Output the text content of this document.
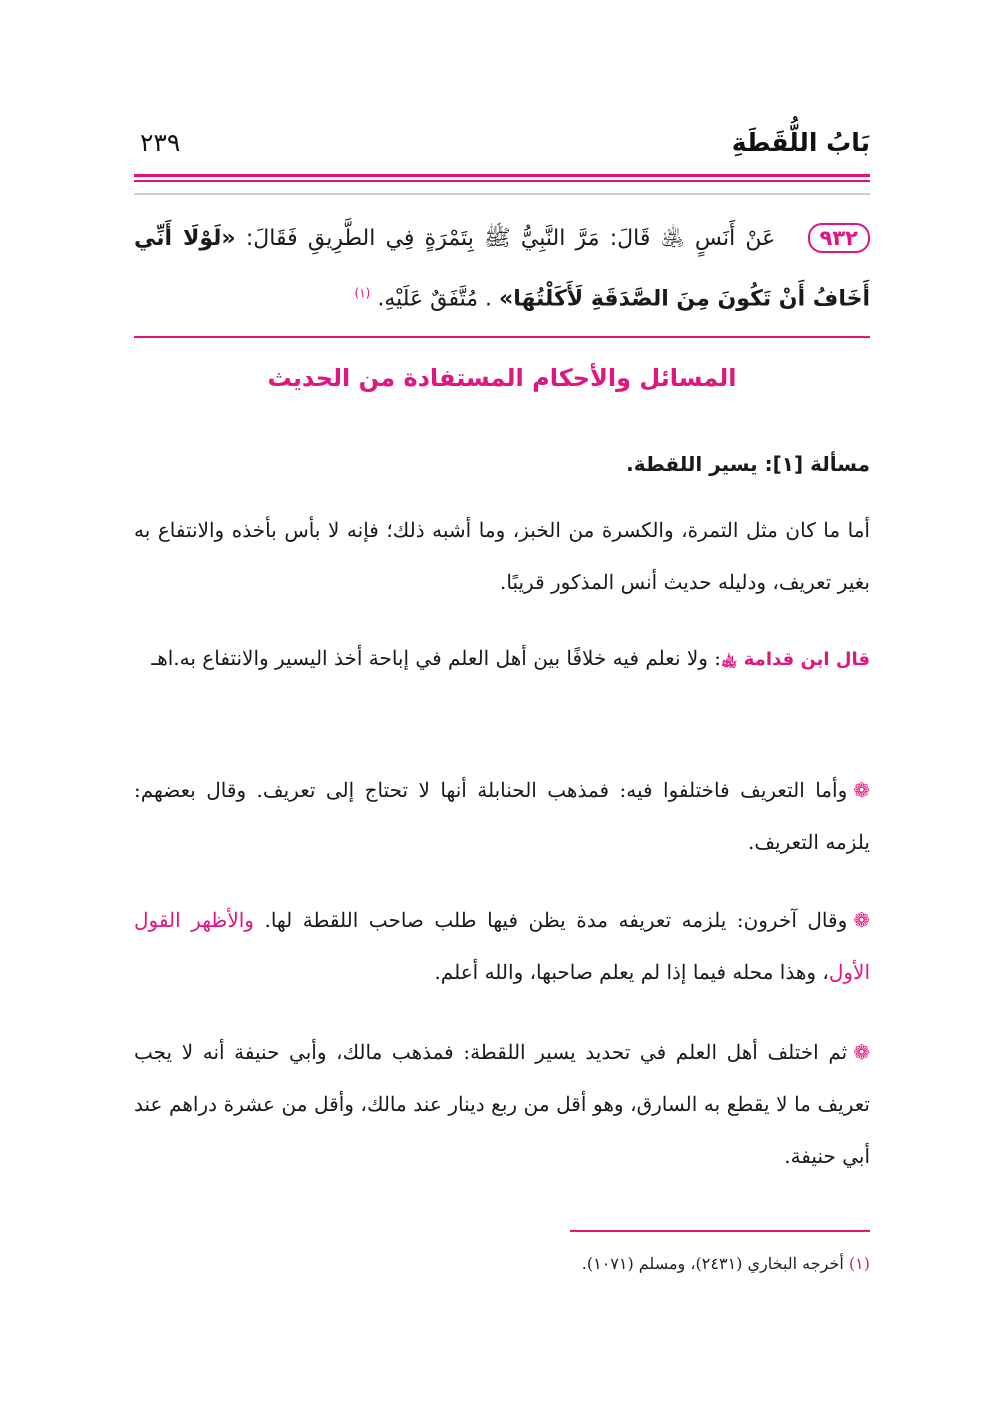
بَابُ اللُّقَطَةِ
٢٣٩
٩٣٢ عَنْ أَنَسٍ ﵁ قَالَ: مَرَّ النَّبِيُّ ﷺ بِتَمْرَةٍ فِي الطَّرِيقِ فَقَالَ: «لَوْلَا أَنِّي أَخَافُ أَنْ تَكُونَ مِنَ الصَّدَقَةِ لَأَكَلْتُهَا» . مُتَّفَقٌ عَلَيْهِ. $^{(١)}$
المسائل والأحكام المستفادة من الحديث
مسألة [١]: يسير اللقطة.
أما ما كان مثل التمرة، والكسرة من الخبز، وما أشبه ذلك؛ فإنه لا بأس بأخذه والانتفاع به بغير تعريف، ودليله حديث أنس المذكور قريبًا.
قال ابن قدامة ﵀: ولا نعلم فيه خلافًا بين أهل العلم في إباحة أخذ اليسير والانتفاع به.اهـ
❁وأما التعريف فاختلفوا فيه: فمذهب الحنابلة أنها لا تحتاج إلى تعريف. وقال بعضهم: يلزمه التعريف.
❁وقال آخرون: يلزمه تعريفه مدة يظن فيها طلب صاحب اللقطة لها. والأظهر القول الأول، وهذا محله فيما إذا لم يعلم صاحبها، والله أعلم.
❁ثم اختلف أهل العلم في تحديد يسير اللقطة: فمذهب مالك، وأبي حنيفة أنه لا يجب تعريف ما لا يقطع به السارق، وهو أقل من ربع دينار عند مالك، وأقل من عشرة دراهم عند أبي حنيفة.
(١) أخرجه البخاري (٢٤٣١)، ومسلم (١٠٧١).
